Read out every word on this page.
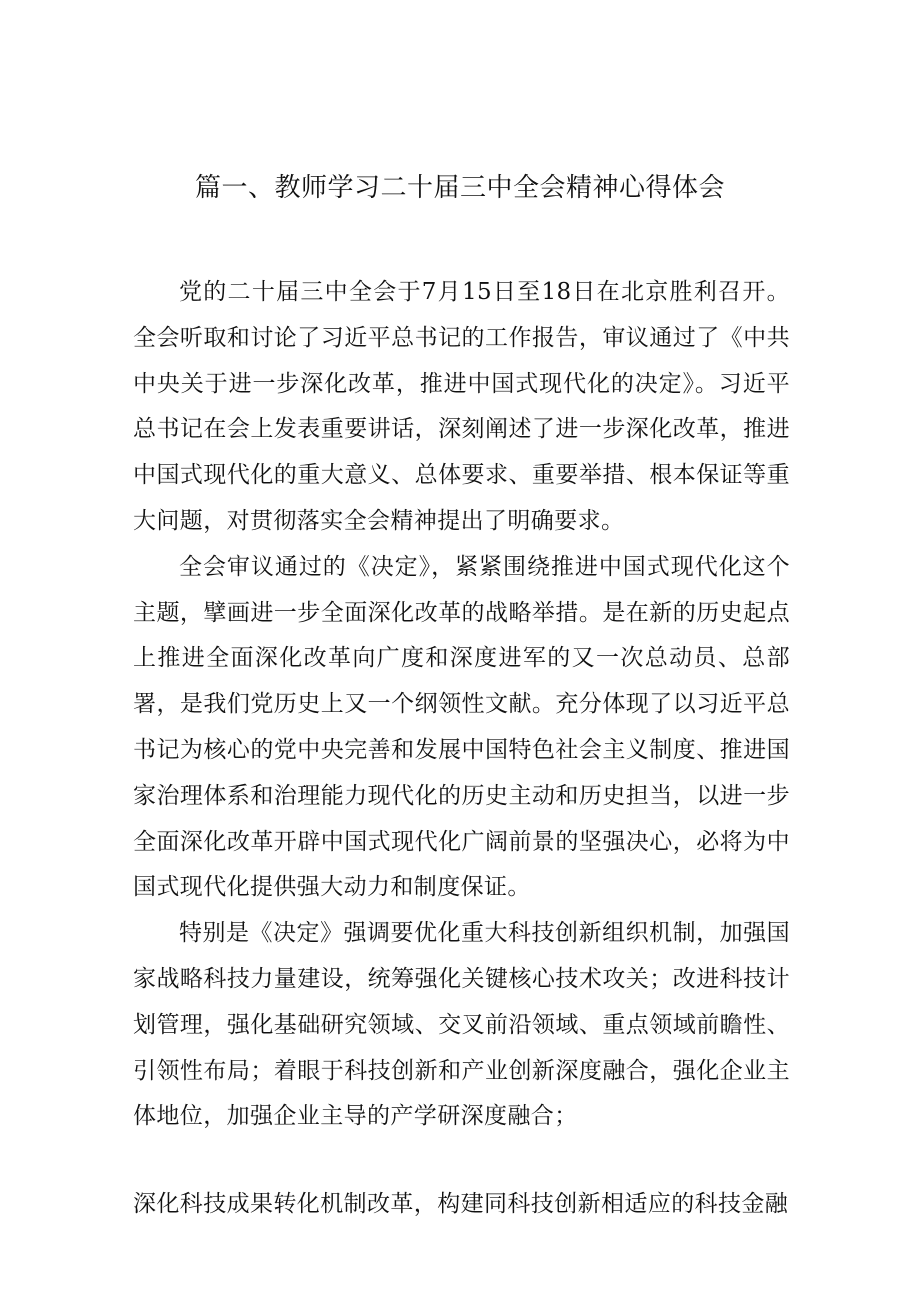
篇一、教师学习二十届三中全会精神心得体会

党的二十届三中全会于7月15日至18日在北京胜利召开。全会听取和讨论了习近平总书记的工作报告，审议通过了《中共中央关于进一步深化改革，推进中国式现代化的决定》。习近平总书记在会上发表重要讲话，深刻阐述了进一步深化改革，推进中国式现代化的重大意义、总体要求、重要举措、根本保证等重大问题，对贯彻落实全会精神提出了明确要求。

全会审议通过的《决定》，紧紧围绕推进中国式现代化这个主题，擘画进一步全面深化改革的战略举措。是在新的历史起点上推进全面深化改革向广度和深度进军的又一次总动员、总部署，是我们党历史上又一个纲领性文献。充分体现了以习近平总书记为核心的党中央完善和发展中国特色社会主义制度、推进国家治理体系和治理能力现代化的历史主动和历史担当，以进一步全面深化改革开辟中国式现代化广阔前景的坚强决心，必将为中国式现代化提供强大动力和制度保证。

特别是《决定》强调要优化重大科技创新组织机制，加强国家战略科技力量建设，统筹强化关键核心技术攻关；改进科技计划管理，强化基础研究领域、交叉前沿领域、重点领域前瞻性、引领性布局；着眼于科技创新和产业创新深度融合，强化企业主体地位，加强企业主导的产学研深度融合；

深化科技成果转化机制改革，构建同科技创新相适应的科技金融
